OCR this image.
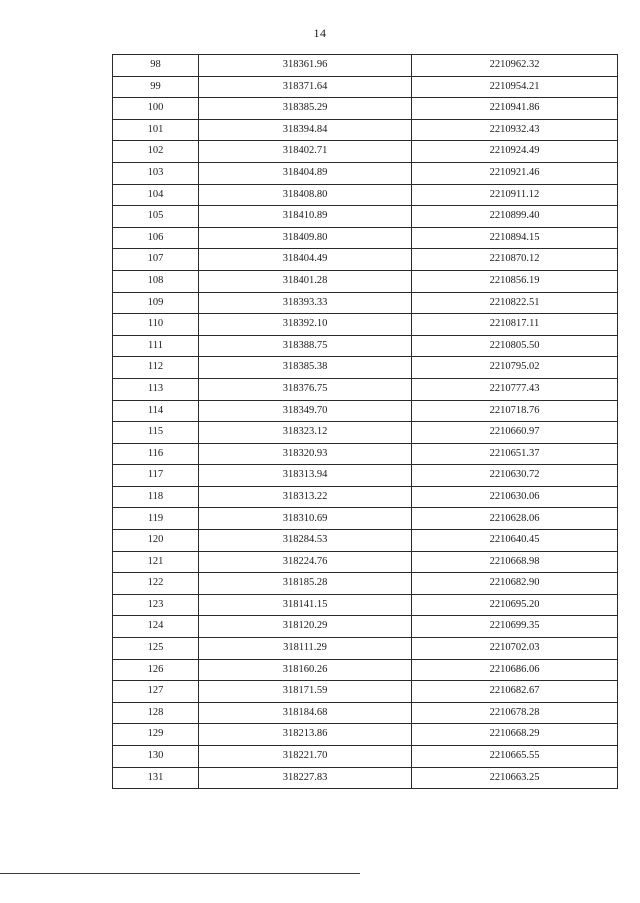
14
98	318361.96	2210962.32
99	318371.64	2210954.21
100	318385.29	2210941.86
101	318394.84	2210932.43
102	318402.71	2210924.49
103	318404.89	2210921.46
104	318408.80	2210911.12
105	318410.89	2210899.40
106	318409.80	2210894.15
107	318404.49	2210870.12
108	318401.28	2210856.19
109	318393.33	2210822.51
110	318392.10	2210817.11
111	318388.75	2210805.50
112	318385.38	2210795.02
113	318376.75	2210777.43
114	318349.70	2210718.76
115	318323.12	2210660.97
116	318320.93	2210651.37
117	318313.94	2210630.72
118	318313.22	2210630.06
119	318310.69	2210628.06
120	318284.53	2210640.45
121	318224.76	2210668.98
122	318185.28	2210682.90
123	318141.15	2210695.20
124	318120.29	2210699.35
125	318111.29	2210702.03
126	318160.26	2210686.06
127	318171.59	2210682.67
128	318184.68	2210678.28
129	318213.86	2210668.29
130	318221.70	2210665.55
131	318227.83	2210663.25
